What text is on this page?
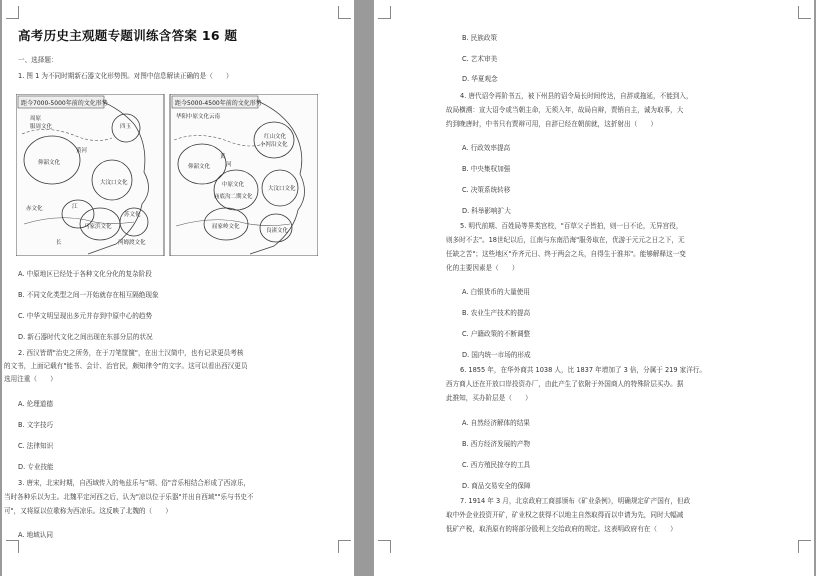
高考历史主观题专题训练含答案 16 题
一、选择题：
1. 图 1 为不同时期新石器文化形势图。对图中信息解读正确的是（　　）
距今7000-5000年前的文化形势
四玉
周原
服周文化
仰韶文化
大汶口文化
赤文化
马家浜文化
河姆渡文化
苏文化
江
长
黄河
距今5000-4500年前的文化形势
华阳中原文化云南
红山文化
小河沿文化
黄
河
仰韶文化
庙底沟二期文化
大汶口文化
中原文化
屈家岭文化
良渚文化
A. 中原地区已经处于各种文化分化的复杂阶段
B. 不同文化类型之间一开始就存在相互隔绝现象
C. 中华文明呈现出多元并存到中原中心的趋势
D. 新石器时代文化之间出现在东部分层的状况
2. 西汉皆谓"治史之所务，在于刀笔筐箧"，在出土汉简中，也有记录更员考核
的文书，上面记载有"能书、会计、治官民，颇知律令"的文字。这可以看出西汉更员
选用注重（　　）
A. 伦理道德
B. 文字技巧
C. 法律知识
D. 专业技能
3. 唐宋，北宋时期，自西域传入的龟兹乐与"胡、俗"音乐相结合形成了西凉乐，
当时各种乐以为主。北魏平定河西之后，认为"凉以位于乐器"并出自西域""乐与书史不
可"，又将原以位歌称为西凉乐。这反映了北魏的（　　）
A. 地域认同
B. 民族政策
C. 艺术审美
D. 华夏观念
4. 唐代诏令再阶书五，被下州县的诏令局长时间传达，自辞或拖延，不能到入，
故局横溯：宣大诏令或当朝主命，无须入年，故局自辩，贾销自主，诚为取事，大
约到晚唐时，中书只有贾辩可用，自辞已经在朝前就，这折射出（　　）
A. 行政效率提高
B. 中央集权加强
C. 决策系统转移
D. 科举影响扩大
5. 明代前期、百姓局等界类宫校，"百草父子皆拍，则一日不论，无异宫役，
则多时不去"。18世纪以后，江南与东南沿海"服务取在，优游于元元之日之下，无
任缺之苦"；这些地区"乔齐元日、终于两会之兵，自得生于淮邦"。能够解释这一变
化的主要因素是（　　）
A. 白银货币的大量使用
B. 农业生产技术的提高
C. 户籍政策的不断调整
D. 国内统一市场的形成
6. 1855 年，在华外商共 1038 人，比 1837 年增加了 3 倍，分属于 219 家洋行。
西方商人还在开放口岸投资办厂，由此产生了依附于外国商人的特殊阶层买办。据
此推知，买办阶层是（　　）
A. 自然经济解体的结果
B. 西方经济发展的产物
C. 西方殖民掠夺的工具
D. 商品交易安全的保障
7. 1914 年 3 月，北京政府工商部颁布《矿业条例》，明确规定矿产国有，但政
取中外企业投资开矿，矿业权之获得不以地主自然取得而以申请为先，同时大幅减
低矿产税，取消原有的将部分股利上交给政府的规定。这表明政府有在（　　）
